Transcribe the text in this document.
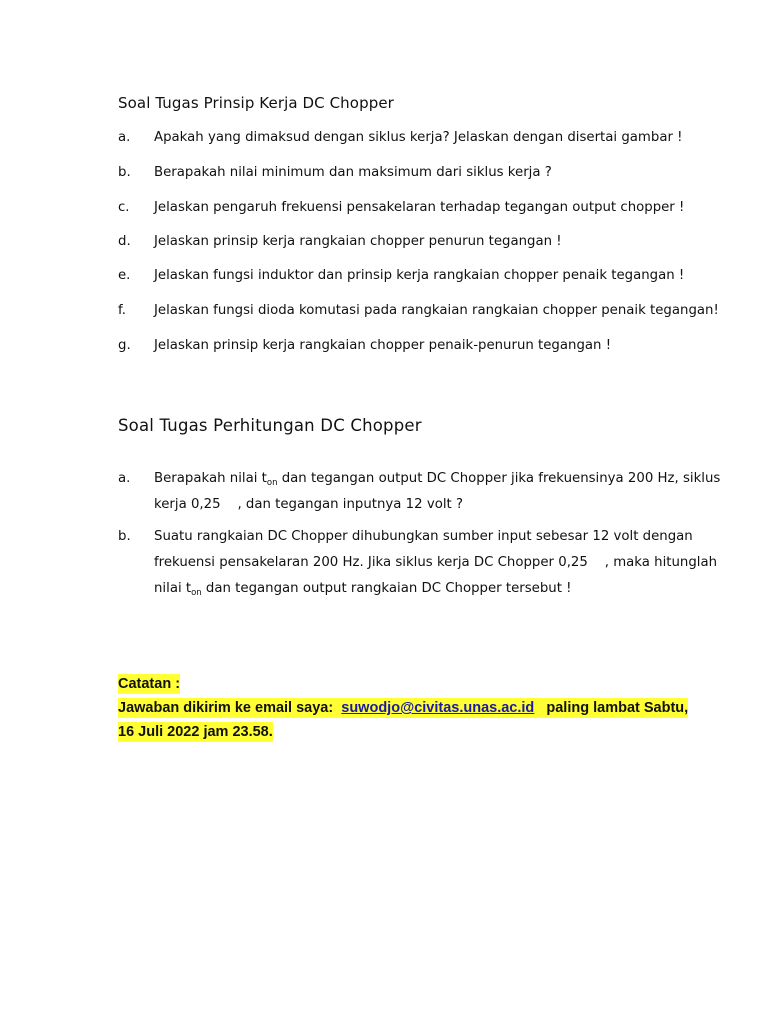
Soal Tugas Prinsip Kerja DC Chopper
a.	Apakah yang dimaksud dengan siklus kerja? Jelaskan dengan disertai gambar !
b.	Berapakah nilai minimum dan maksimum dari siklus kerja ?
c.	Jelaskan pengaruh frekuensi pensakelaran terhadap tegangan output chopper !
d.	Jelaskan prinsip kerja rangkaian chopper penurun tegangan !
e.	Jelaskan fungsi induktor dan prinsip kerja rangkaian chopper penaik tegangan !
f.	Jelaskan fungsi dioda komutasi pada rangkaian rangkaian chopper penaik tegangan!
g.	Jelaskan prinsip kerja rangkaian chopper penaik-penurun tegangan !
Soal Tugas Perhitungan DC Chopper
a. Berapakah nilai $t_{on}$ dan tegangan output DC Chopper jika frekuensinya 200 Hz, siklus
kerja 0,25    , dan tegangan inputnya 12 volt ?
b. Suatu rangkaian DC Chopper dihubungkan sumber input sebesar 12 volt dengan
frekuensi pensakelaran 200 Hz. Jika siklus kerja DC Chopper 0,25    , maka hitunglah
nilai $t_{on}$ dan tegangan output rangkaian DC Chopper tersebut !
Catatan :
Jawaban dikirim ke email saya:  suwodjo@civitas.unas.ac.id   paling lambat Sabtu,
16 Juli 2022 jam 23.58.
